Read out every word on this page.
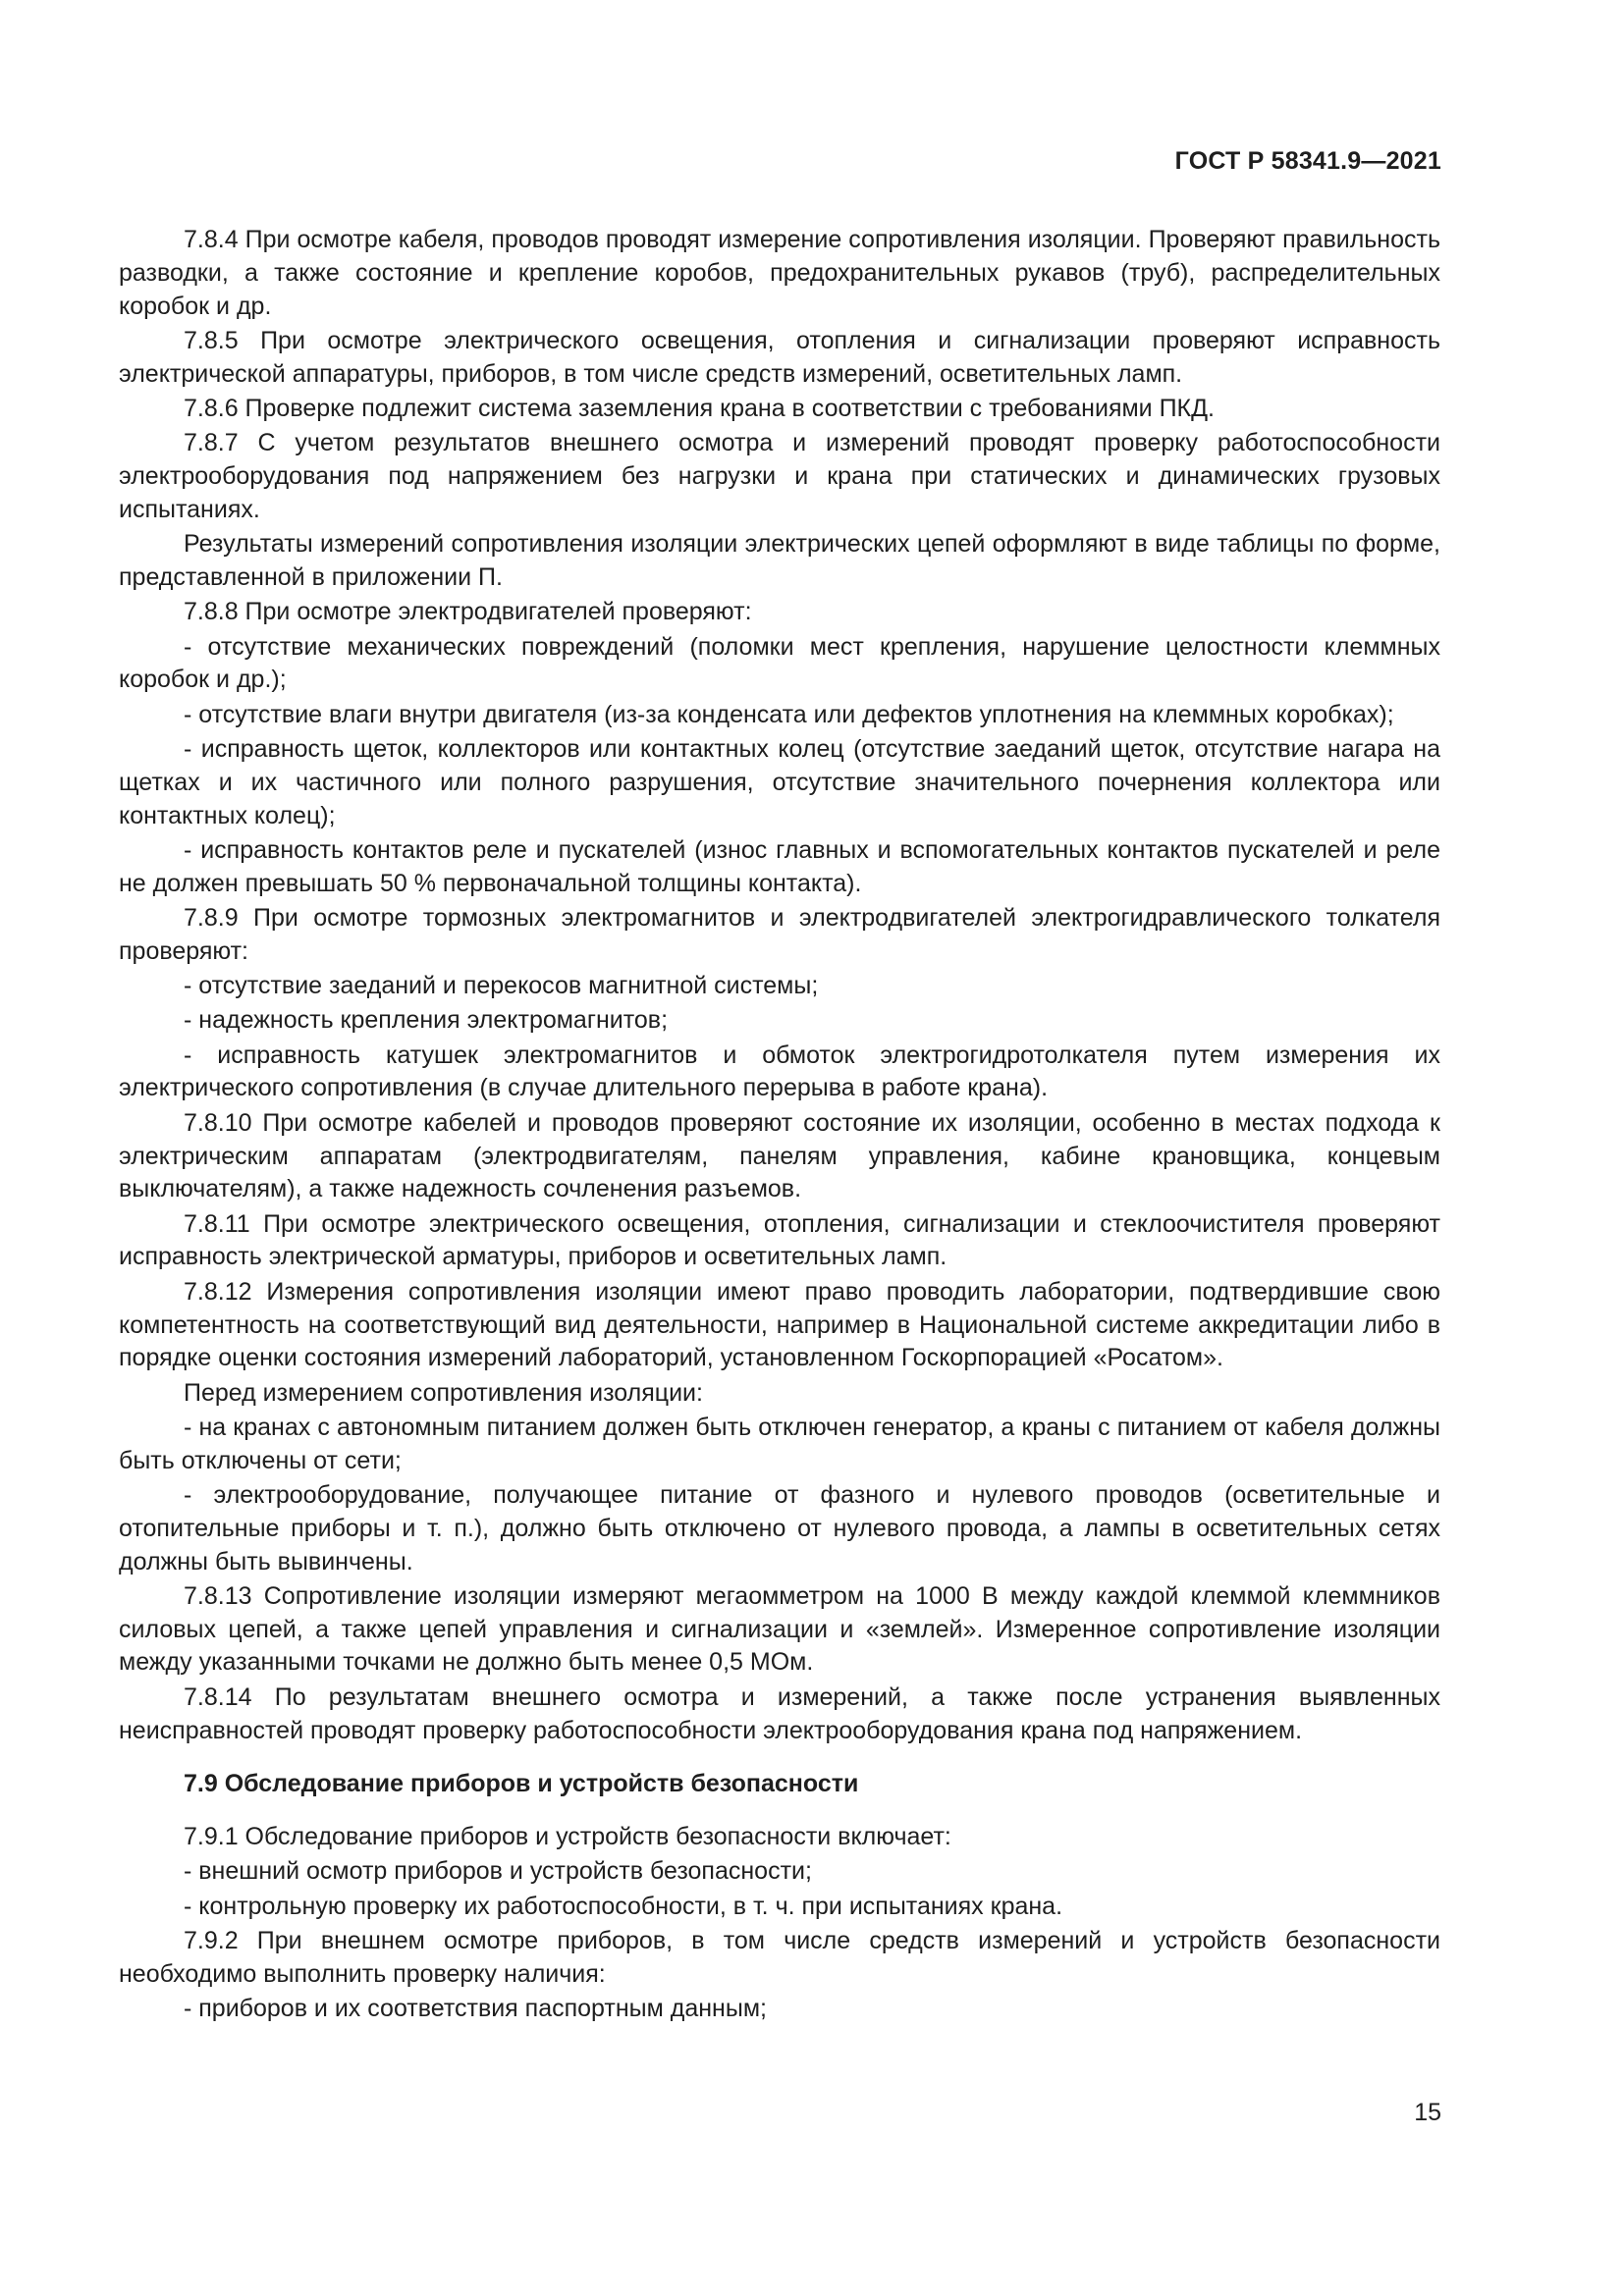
ГОСТ Р 58341.9—2021

7.8.4 При осмотре кабеля, проводов проводят измерение сопротивления изоляции. Проверяют правильность разводки, а также состояние и крепление коробов, предохранительных рукавов (труб), распределительных коробок и др.

7.8.5 При осмотре электрического освещения, отопления и сигнализации проверяют исправность электрической аппаратуры, приборов, в том числе средств измерений, осветительных ламп.

7.8.6 Проверке подлежит система заземления крана в соответствии с требованиями ПКД.

7.8.7 С учетом результатов внешнего осмотра и измерений проводят проверку работоспособности электрооборудования под напряжением без нагрузки и крана при статических и динамических грузовых испытаниях.

Результаты измерений сопротивления изоляции электрических цепей оформляют в виде таблицы по форме, представленной в приложении П.

7.8.8 При осмотре электродвигателей проверяют:

- отсутствие механических повреждений (поломки мест крепления, нарушение целостности клеммных коробок и др.);

- отсутствие влаги внутри двигателя (из-за конденсата или дефектов уплотнения на клеммных коробках);

- исправность щеток, коллекторов или контактных колец (отсутствие заеданий щеток, отсутствие нагара на щетках и их частичного или полного разрушения, отсутствие значительного почернения коллектора или контактных колец);

- исправность контактов реле и пускателей (износ главных и вспомогательных контактов пускателей и реле не должен превышать 50 % первоначальной толщины контакта).

7.8.9 При осмотре тормозных электромагнитов и электродвигателей электрогидравлического толкателя проверяют:

- отсутствие заеданий и перекосов магнитной системы;

- надежность крепления электромагнитов;

- исправность катушек электромагнитов и обмоток электрогидротолкателя путем измерения их электрического сопротивления (в случае длительного перерыва в работе крана).

7.8.10 При осмотре кабелей и проводов проверяют состояние их изоляции, особенно в местах подхода к электрическим аппаратам (электродвигателям, панелям управления, кабине крановщика, концевым выключателям), а также надежность сочленения разъемов.

7.8.11 При осмотре электрического освещения, отопления, сигнализации и стеклоочистителя проверяют исправность электрической арматуры, приборов и осветительных ламп.

7.8.12 Измерения сопротивления изоляции имеют право проводить лаборатории, подтвердившие свою компетентность на соответствующий вид деятельности, например в Национальной системе аккредитации либо в порядке оценки состояния измерений лабораторий, установленном Госкорпорацией «Росатом».

Перед измерением сопротивления изоляции:

- на кранах с автономным питанием должен быть отключен генератор, а краны с питанием от кабеля должны быть отключены от сети;

- электрооборудование, получающее питание от фазного и нулевого проводов (осветительные и отопительные приборы и т. п.), должно быть отключено от нулевого провода, а лампы в осветительных сетях должны быть вывинчены.

7.8.13 Сопротивление изоляции измеряют мегаомметром на 1000 В между каждой клеммой клеммников силовых цепей, а также цепей управления и сигнализации и «землей». Измеренное сопротивление изоляции между указанными точками не должно быть менее 0,5 МОм.

7.8.14 По результатам внешнего осмотра и измерений, а также после устранения выявленных неисправностей проводят проверку работоспособности электрооборудования крана под напряжением.

7.9 Обследование приборов и устройств безопасности

7.9.1 Обследование приборов и устройств безопасности включает:

- внешний осмотр приборов и устройств безопасности;

- контрольную проверку их работоспособности, в т. ч. при испытаниях крана.

7.9.2 При внешнем осмотре приборов, в том числе средств измерений и устройств безопасности необходимо выполнить проверку наличия:

- приборов и их соответствия паспортным данным;

15
